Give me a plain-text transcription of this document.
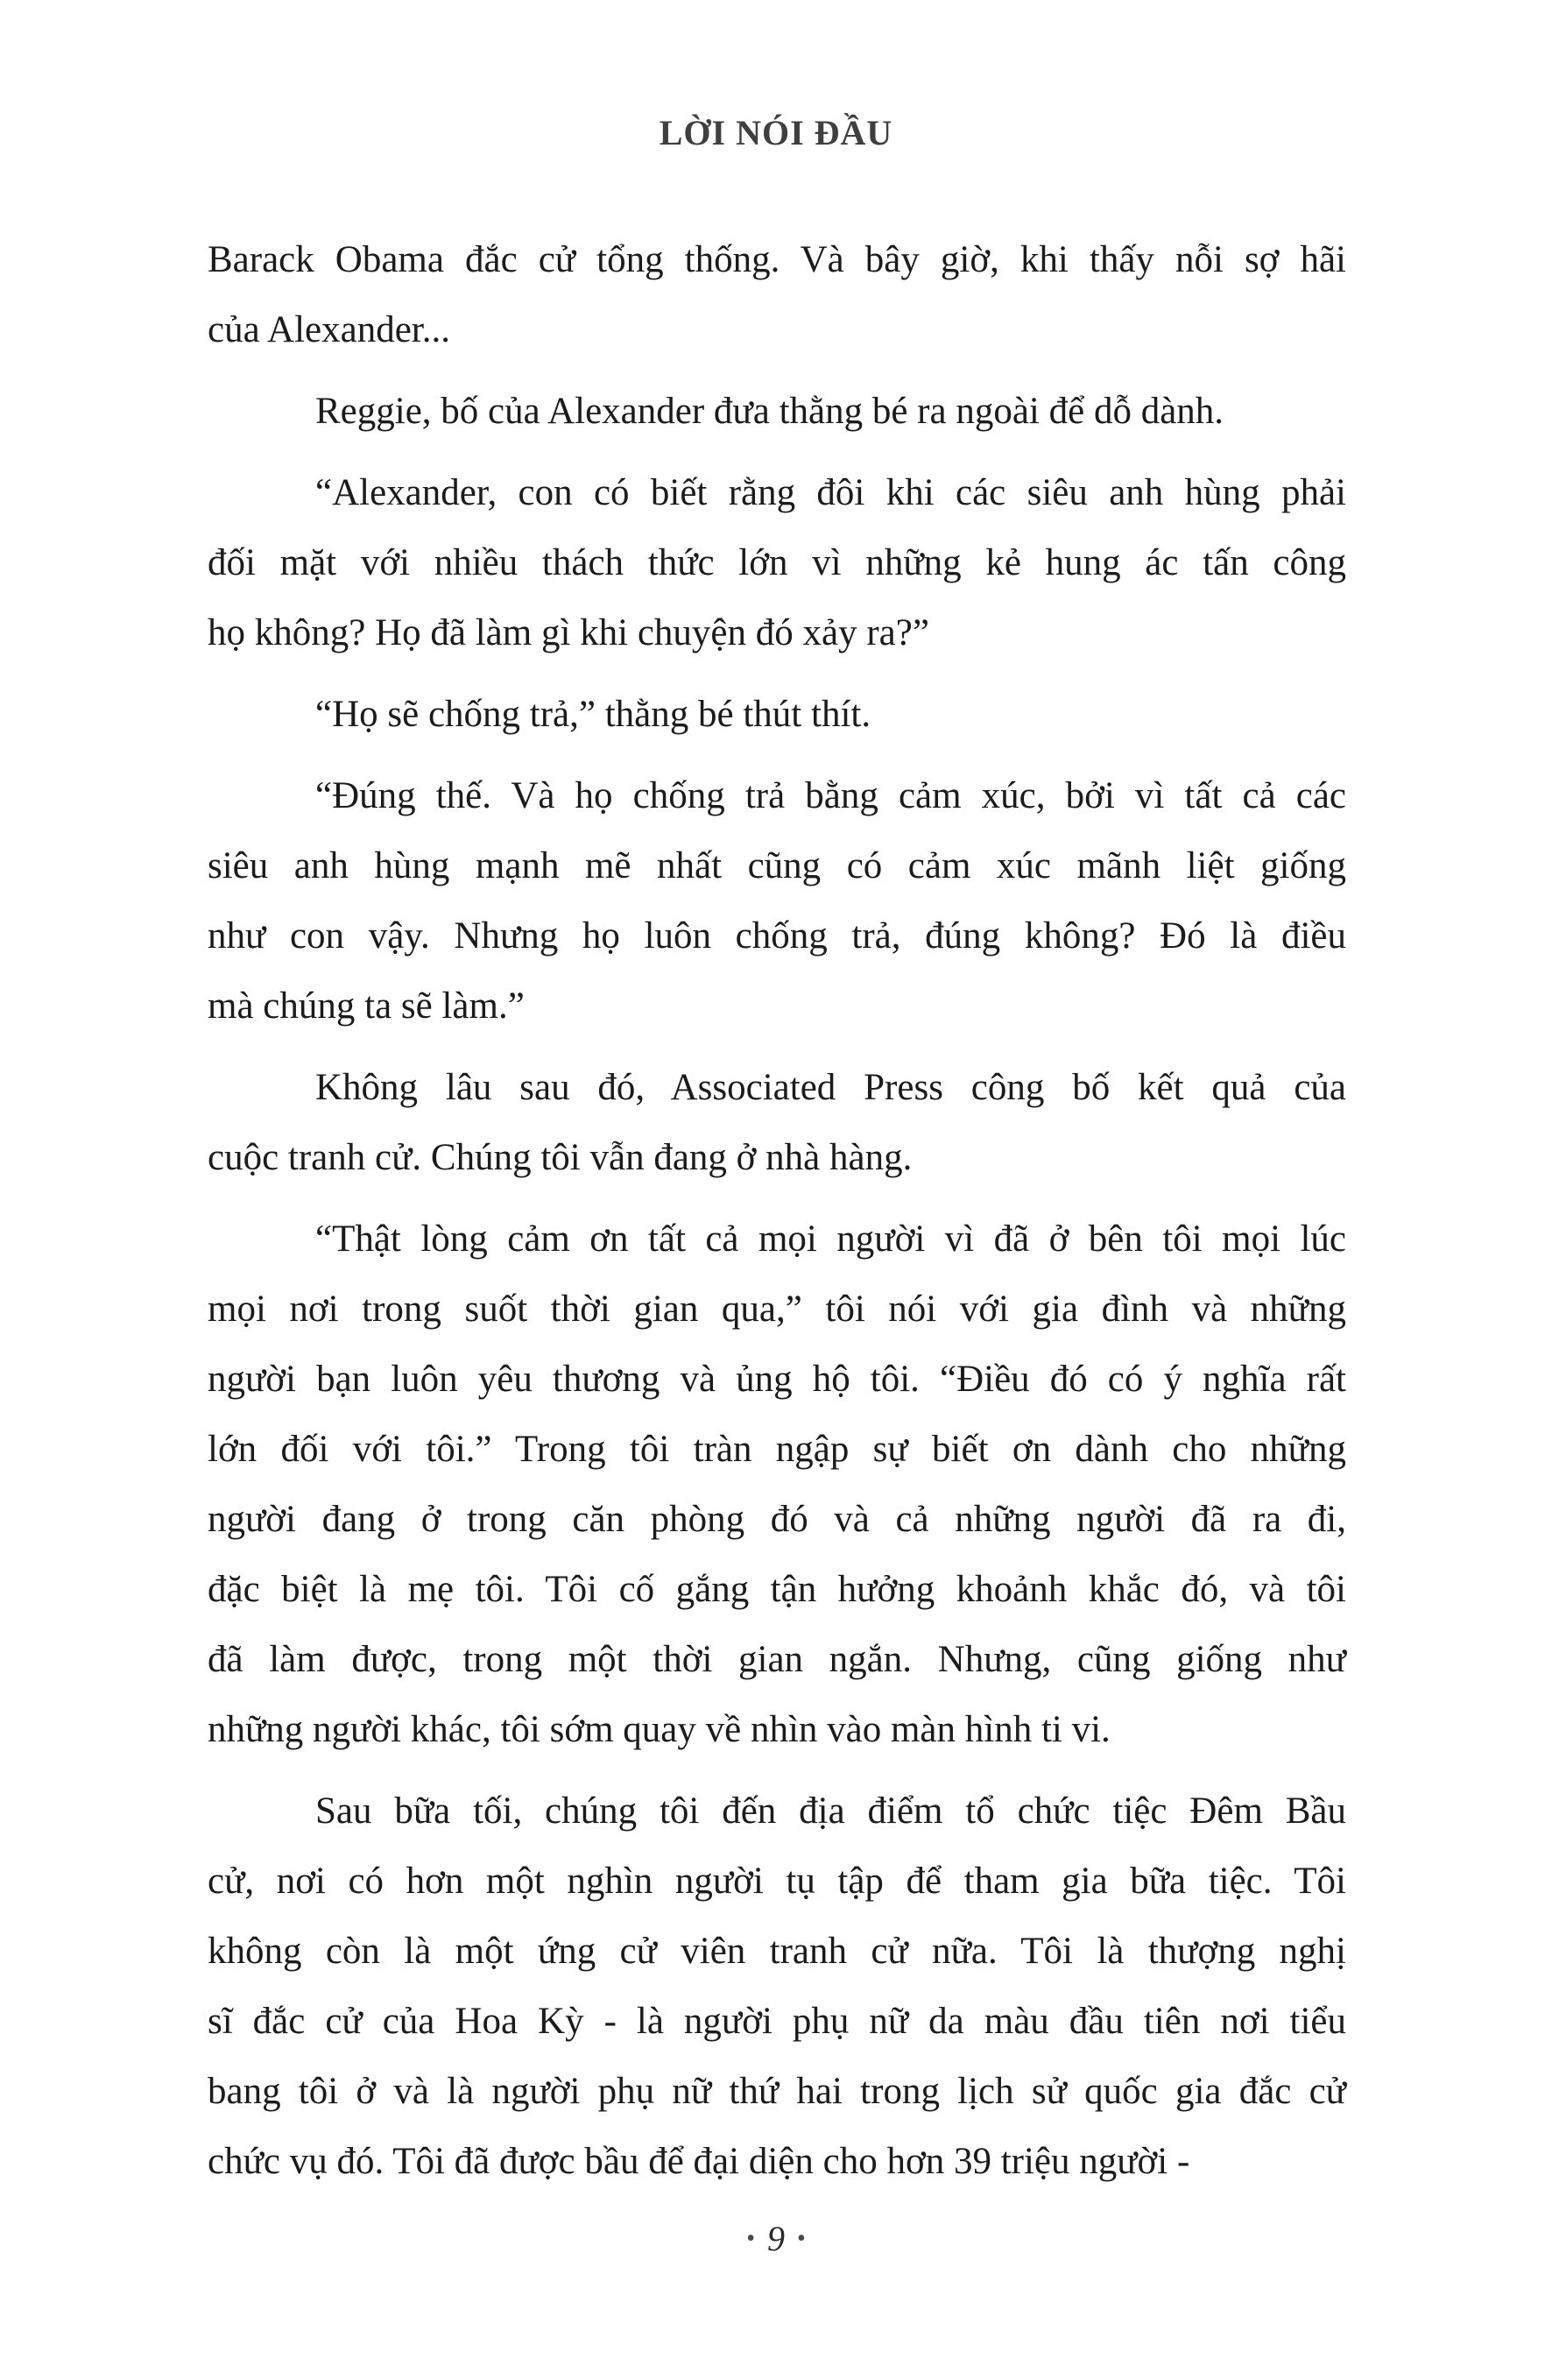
LỜI NÓI ĐẦU
Barack Obama đắc cử tổng thống. Và bây giờ, khi thấy nỗi sợ hãi
của Alexander...
Reggie, bố của Alexander đưa thằng bé ra ngoài để dỗ dành.
“Alexander, con có biết rằng đôi khi các siêu anh hùng phải
đối mặt với nhiều thách thức lớn vì những kẻ hung ác tấn công
họ không? Họ đã làm gì khi chuyện đó xảy ra?”
“Họ sẽ chống trả,” thằng bé thút thít.
“Đúng thế. Và họ chống trả bằng cảm xúc, bởi vì tất cả các
siêu anh hùng mạnh mẽ nhất cũng có cảm xúc mãnh liệt giống
như con vậy. Nhưng họ luôn chống trả, đúng không? Đó là điều
mà chúng ta sẽ làm.”
Không lâu sau đó, Associated Press công bố kết quả của
cuộc tranh cử. Chúng tôi vẫn đang ở nhà hàng.
“Thật lòng cảm ơn tất cả mọi người vì đã ở bên tôi mọi lúc
mọi nơi trong suốt thời gian qua,” tôi nói với gia đình và những
người bạn luôn yêu thương và ủng hộ tôi. “Điều đó có ý nghĩa rất
lớn đối với tôi.” Trong tôi tràn ngập sự biết ơn dành cho những
người đang ở trong căn phòng đó và cả những người đã ra đi,
đặc biệt là mẹ tôi. Tôi cố gắng tận hưởng khoảnh khắc đó, và tôi
đã làm được, trong một thời gian ngắn. Nhưng, cũng giống như
những người khác, tôi sớm quay về nhìn vào màn hình ti vi.
Sau bữa tối, chúng tôi đến địa điểm tổ chức tiệc Đêm Bầu
cử, nơi có hơn một nghìn người tụ tập để tham gia bữa tiệc. Tôi
không còn là một ứng cử viên tranh cử nữa. Tôi là thượng nghị
sĩ đắc cử của Hoa Kỳ - là người phụ nữ da màu đầu tiên nơi tiểu
bang tôi ở và là người phụ nữ thứ hai trong lịch sử quốc gia đắc cử
chức vụ đó. Tôi đã được bầu để đại diện cho hơn 39 triệu người -
• 9 •
